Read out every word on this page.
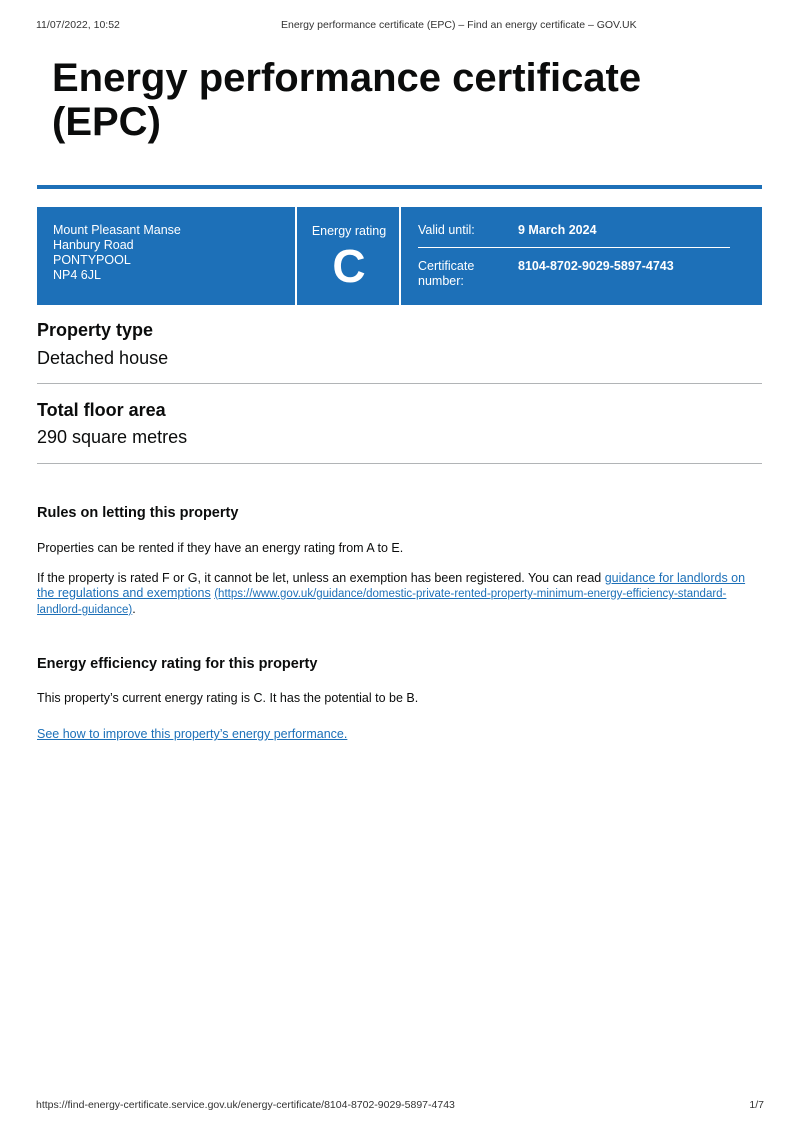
11/07/2022, 10:52	Energy performance certificate (EPC) – Find an energy certificate – GOV.UK
Energy performance certificate (EPC)
Mount Pleasant Manse
Hanbury Road
PONTYPOOL
NP4 6JL
Energy rating
C
Valid until:	9 March 2024
Certificate
number:
8104-8702-9029-5897-4743
Property type
Detached house
Total floor area
290 square metres
Rules on letting this property

Properties can be rented if they have an energy rating from A to E.

If the property is rated F or G, it cannot be let, unless an exemption has been registered. You can read guidance for landlords on the regulations and exemptions (https://www.gov.uk/guidance/domestic-private-rented-property-minimum-energy-efficiency-standard-landlord-guidance).

Energy efficiency rating for this property

This property’s current energy rating is C. It has the potential to be B.

See how to improve this property’s energy performance.

https://find-energy-certificate.service.gov.uk/energy-certificate/8104-8702-9029-5897-4743	1/7
